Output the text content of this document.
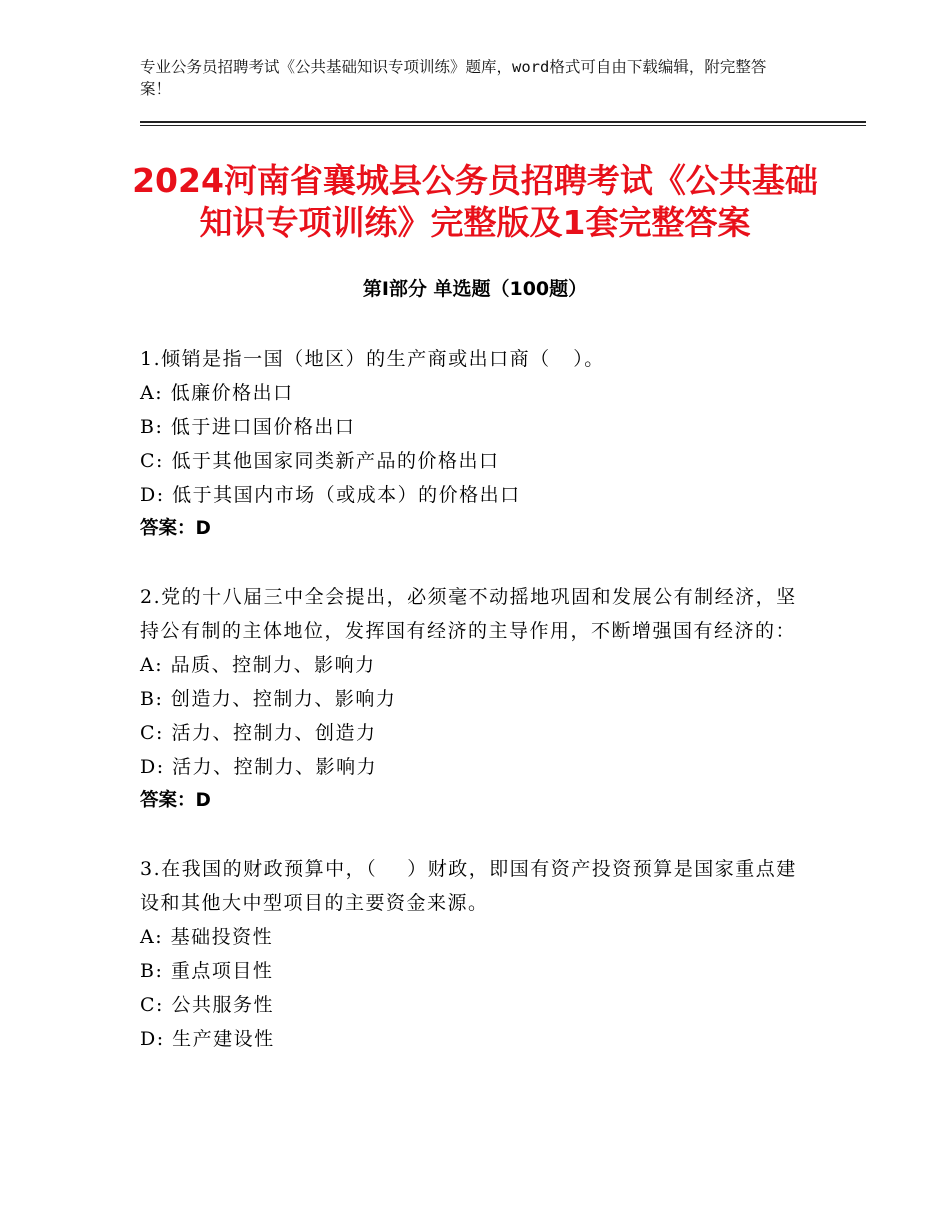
专业公务员招聘考试《公共基础知识专项训练》题库，word格式可自由下载编辑，附完整答案！
2024河南省襄城县公务员招聘考试《公共基础知识专项训练》完整版及1套完整答案
第I部分 单选题（100题）
1.倾销是指一国（地区）的生产商或出口商（   ）。
A: 低廉价格出口
B: 低于进口国价格出口
C: 低于其他国家同类新产品的价格出口
D: 低于其国内市场（或成本）的价格出口
答案：D
2.党的十八届三中全会提出，必须毫不动摇地巩固和发展公有制经济，坚持公有制的主体地位，发挥国有经济的主导作用，不断增强国有经济的：
A: 品质、控制力、影响力
B: 创造力、控制力、影响力
C: 活力、控制力、创造力
D: 活力、控制力、影响力
答案：D
3.在我国的财政预算中，（    ）财政，即国有资产投资预算是国家重点建设和其他大中型项目的主要资金来源。
A: 基础投资性
B: 重点项目性
C: 公共服务性
D: 生产建设性
